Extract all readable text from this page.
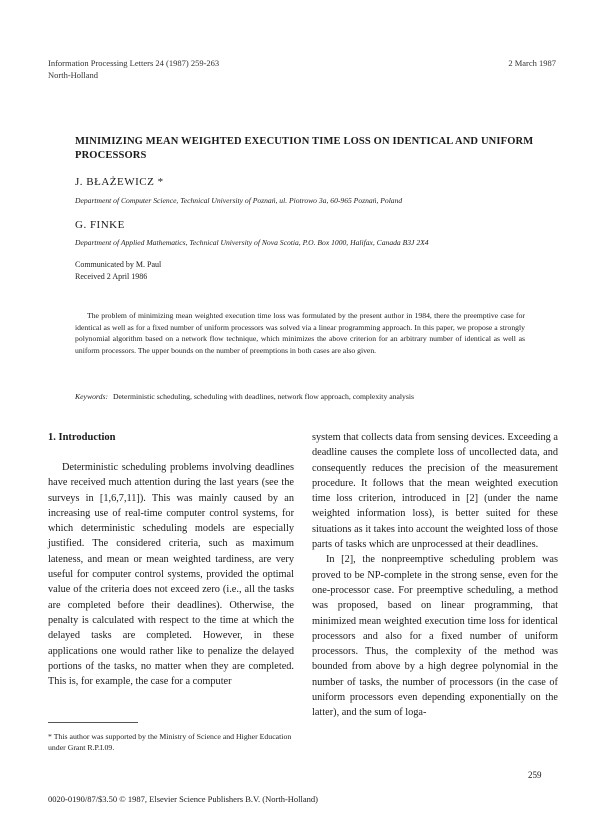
Information Processing Letters 24 (1987) 259-263
North-Holland
2 March 1987
MINIMIZING MEAN WEIGHTED EXECUTION TIME LOSS ON IDENTICAL AND UNIFORM PROCESSORS
J. BŁAŻEWICZ *
Department of Computer Science, Technical University of Poznań, ul. Piotrowo 3a, 60-965 Poznań, Poland
G. FINKE
Department of Applied Mathematics, Technical University of Nova Scotia, P.O. Box 1000, Halifax, Canada B3J 2X4
Communicated by M. Paul
Received 2 April 1986
The problem of minimizing mean weighted execution time loss was formulated by the present author in 1984, there the preemptive case for identical as well as for a fixed number of uniform processors was solved via a linear programming approach. In this paper, we propose a strongly polynomial algorithm based on a network flow technique, which minimizes the above criterion for an arbitrary number of identical as well as uniform processors. The upper bounds on the number of preemptions in both cases are also given.
Keywords: Deterministic scheduling, scheduling with deadlines, network flow approach, complexity analysis
1. Introduction

Deterministic scheduling problems involving deadlines have received much attention during the last years (see the surveys in [1,6,7,11]). This was mainly caused by an increasing use of real-time computer control systems, for which deterministic scheduling models are especially justified. The considered criteria, such as maximum lateness, and mean or mean weighted tardiness, are very useful for computer control systems, provided the optimal value of the criteria does not exceed zero (i.e., all the tasks are completed before their deadlines). Otherwise, the penalty is calculated with respect to the time at which the delayed tasks are completed. However, in these applications one would rather like to penalize the delayed portions of the tasks, no matter when they are completed. This is, for example, the case for a computer

system that collects data from sensing devices. Exceeding a deadline causes the complete loss of uncollected data, and consequently reduces the precision of the measurement procedure. It follows that the mean weighted execution time loss criterion, introduced in [2] (under the name weighted information loss), is better suited for these situations as it takes into account the weighted loss of those parts of tasks which are unprocessed at their deadlines.

In [2], the nonpreemptive scheduling problem was proved to be NP-complete in the strong sense, even for the one-processor case. For preemptive scheduling, a method was proposed, based on linear programming, that minimized mean weighted execution time loss for identical processors and also for a fixed number of uniform processors. Thus, the complexity of the method was bounded from above by a high degree polynomial in the number of tasks, the number of processors (in the case of uniform processors even depending exponentially on the latter), and the sum of loga-

* This author was supported by the Ministry of Science and Higher Education under Grant R.P.I.09.
259
0020-0190/87/$3.50 © 1987, Elsevier Science Publishers B.V. (North-Holland)
